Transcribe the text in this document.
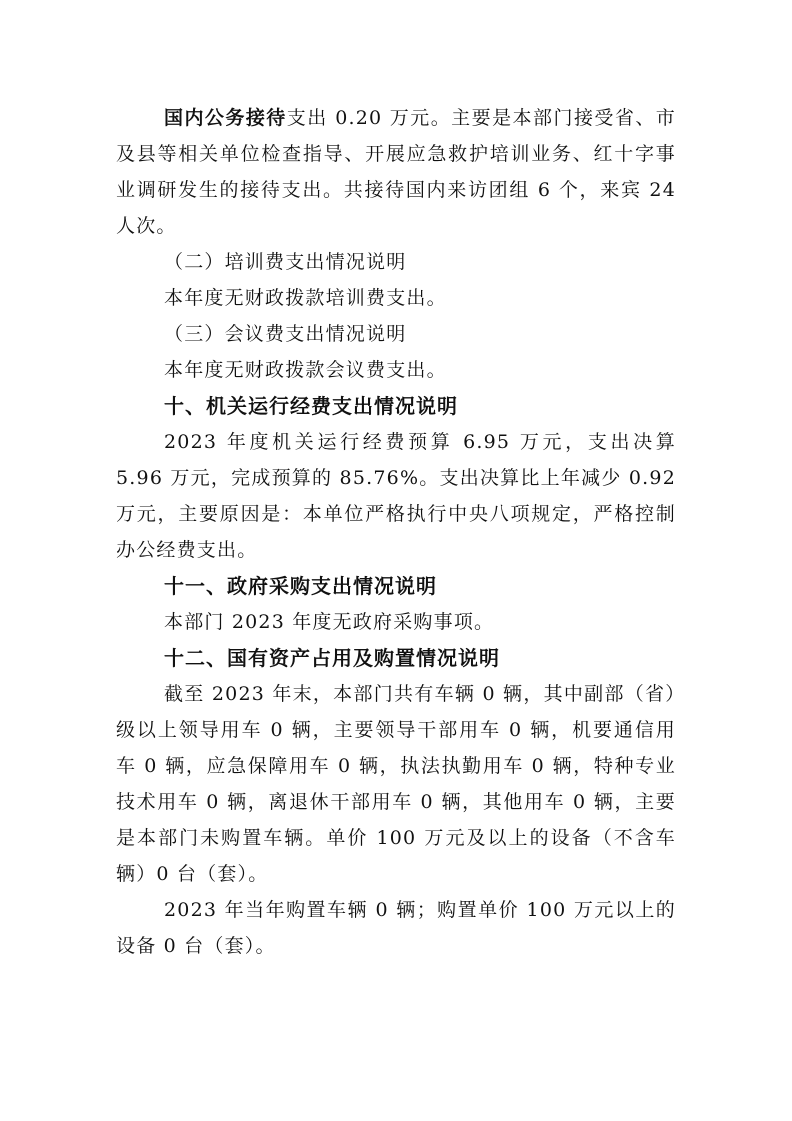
国内公务接待支出 0.20 万元。主要是本部门接受省、市及县等相关单位检查指导、开展应急救护培训业务、红十字事业调研发生的接待支出。共接待国内来访团组 6 个，来宾 24 人次。

（二）培训费支出情况说明

本年度无财政拨款培训费支出。

（三）会议费支出情况说明

本年度无财政拨款会议费支出。

十、机关运行经费支出情况说明

2023 年度机关运行经费预算 6.95 万元，支出决算 5.96 万元，完成预算的 85.76%。支出决算比上年减少 0.92 万元，主要原因是：本单位严格执行中央八项规定，严格控制办公经费支出。

十一、政府采购支出情况说明

本部门 2023 年度无政府采购事项。

十二、国有资产占用及购置情况说明

截至 2023 年末，本部门共有车辆 0 辆，其中副部（省）级以上领导用车 0 辆，主要领导干部用车 0 辆，机要通信用车 0 辆，应急保障用车 0 辆，执法执勤用车 0 辆，特种专业技术用车 0 辆，离退休干部用车 0 辆，其他用车 0 辆，主要是本部门未购置车辆。单价 100 万元及以上的设备（不含车辆）0 台（套）。

2023 年当年购置车辆 0 辆；购置单价 100 万元以上的设备 0 台（套）。
